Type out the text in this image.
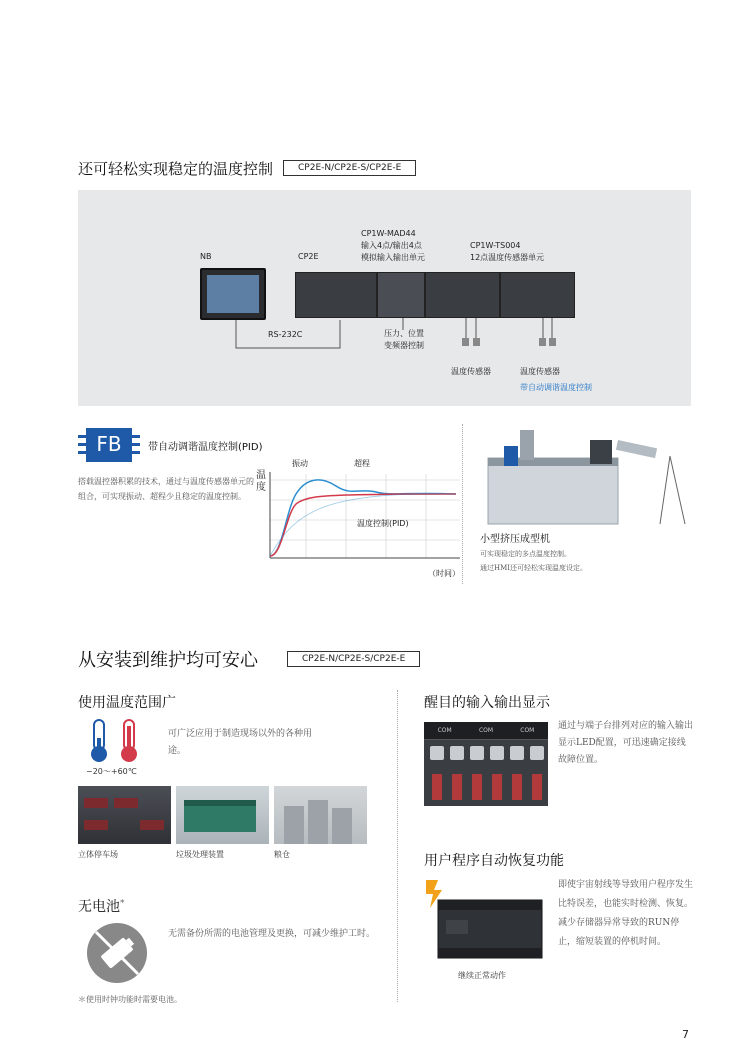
还可轻松实现稳定的温度控制	CP2E-N/CP2E-S/CP2E-E
NB	CP2E
CP1W-MAD44
输入4点/输出4点
模拟输入输出单元
CP1W-TS004
12点温度传感器单元
RS-232C	压力、位置
变频器控制
温度传感器	温度传感器
带自动调谐温度控制
FB	带自动调谐温度控制(PID)
搭载温控器积累的技术，通过与温度传感器单元的组合，可实现振动、超程少且稳定的温度控制。
温度
振动	超程
温度控制(PID)
（时间）
小型挤压成型机
可实现稳定的多点温度控制。
通过HMI还可轻松实现温度设定。
从安装到维护均可安心	CP2E-N/CP2E-S/CP2E-E
使用温度范围广
−20〜+60℃
可广泛应用于制造现场以外的各种用途。
立体停车场	垃圾处理装置	粮仓
无电池*
无需备份所需的电池管理及更换，可减少维护工时。
＊使用时钟功能时需要电池。
醒目的输入输出显示
COM	COM	COM	通过与端子台排列对应的输入输出显示LED配置，可迅速确定接线故障位置。
用户程序自动恢复功能
继续正常动作
即使宇宙射线等导致用户程序发生比特误差，也能实时检测、恢复。
减少存储器异常导致的RUN停止，缩短装置的停机时间。
7
